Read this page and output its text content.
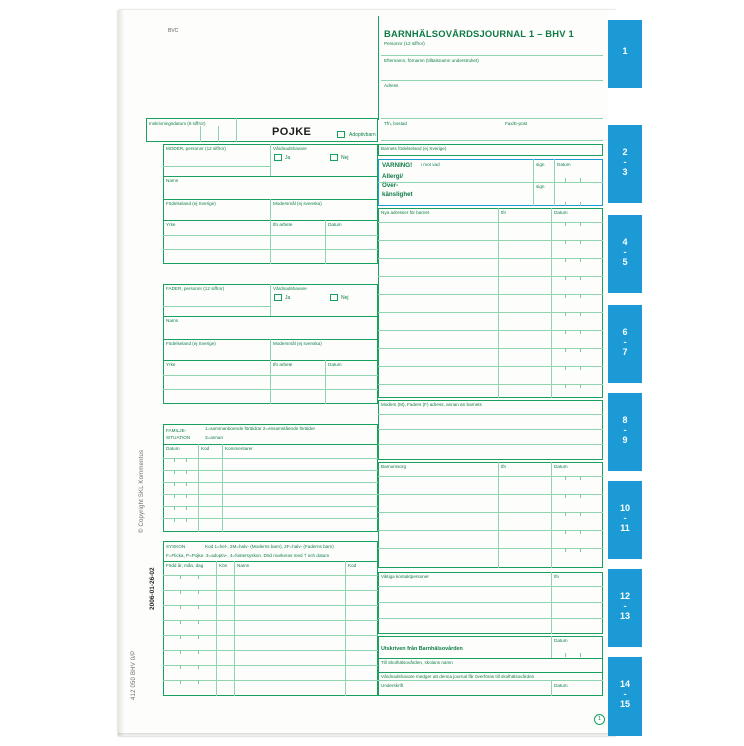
© Copyright SKL Kommentus
2006-01-26-02
412 050 BHV 0/P
BVC	BARNHÄLSOVÅRDSJOURNAL 1 – BHV 1
Personnr (12 siffror)
Efternamn, förnamn (tilltalsnamn understruket)
Adress
Tfn, bostad	Fax/E-post
Inskrivningsdatum (8 siffror)
POJKE	Adoptivbarn
MODER, personnr (12 siffror)	Vårdnadshavare
Ja	Nej
Namn
Födelseland (ej Sverige)	Modersmål (ej svenska)
Yrke	tfn arbete	Datum
FADER, personnr (12 siffror)	Vårdnadshavare
Ja	Nej
Namn
Födelseland (ej Sverige)	Modersmål (ej svenska)
Yrke	tfn arbete	Datum
FAMILJE-
SITUATION
1=sammanboende föräldrar 2=ensamstående förälder
3=annan
Datum	Kod	Kommentarer
SYSKON	Kod 1=hel-, 2M=halv- (Moderns barn), 2F=halv- (Faderns barn)
F=Flicka, P=Pojke. 3=adoptiv-, 4=fostersyskon. Död markeras med † och datum
Född år, mån, dag	Kön Namn	Kod
Barnets födelseland (ej Sverige)
VARNING!
Allergi/
Över-
känslighet
i mot vad	sign	Datum
sign
Nya adresser för barnet	tfn	Datum
Moders (M), Faders (F) adress, annan än barnets
Barnomsorg	tfn	Datum
Viktiga kontaktpersoner	tfn
Utskriven från Barnhälsovården
Datum
Till Skolhälsovården, skolans namn
Vårdnadshavare medger att denna journal får överföras till skolhälsovården
Underskrift	Datum
1
1
2
-
3
4
-
5
6
-
7
8
-
9
10
-
11
12
-
13
14
-
15
